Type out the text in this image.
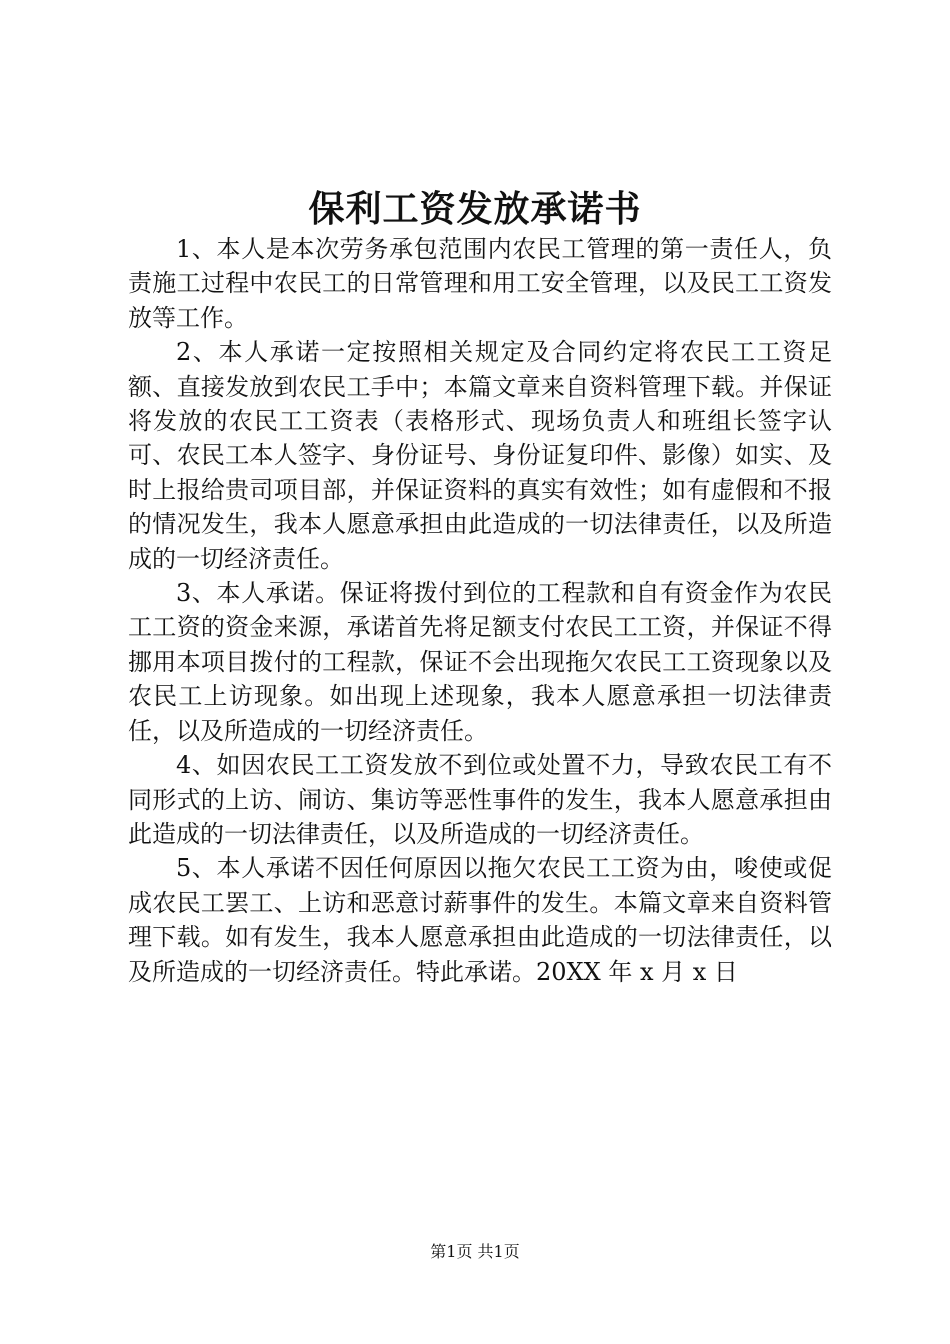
保利工资发放承诺书

1、本人是本次劳务承包范围内农民工管理的第一责任人，负责施工过程中农民工的日常管理和用工安全管理，以及民工工资发放等工作。

2、本人承诺一定按照相关规定及合同约定将农民工工资足额、直接发放到农民工手中；本篇文章来自资料管理下载。并保证将发放的农民工工资表（表格形式、现场负责人和班组长签字认可、农民工本人签字、身份证号、身份证复印件、影像）如实、及时上报给贵司项目部，并保证资料的真实有效性；如有虚假和不报的情况发生，我本人愿意承担由此造成的一切法律责任，以及所造成的一切经济责任。

3、本人承诺。保证将拨付到位的工程款和自有资金作为农民工工资的资金来源，承诺首先将足额支付农民工工资，并保证不得挪用本项目拨付的工程款，保证不会出现拖欠农民工工资现象以及农民工上访现象。如出现上述现象，我本人愿意承担一切法律责任，以及所造成的一切经济责任。

4、如因农民工工资发放不到位或处置不力，导致农民工有不同形式的上访、闹访、集访等恶性事件的发生，我本人愿意承担由此造成的一切法律责任，以及所造成的一切经济责任。

5、本人承诺不因任何原因以拖欠农民工工资为由，唆使或促成农民工罢工、上访和恶意讨薪事件的发生。本篇文章来自资料管理下载。如有发生，我本人愿意承担由此造成的一切法律责任，以及所造成的一切经济责任。特此承诺。20XX 年 x 月 x 日

第1页 共1页
